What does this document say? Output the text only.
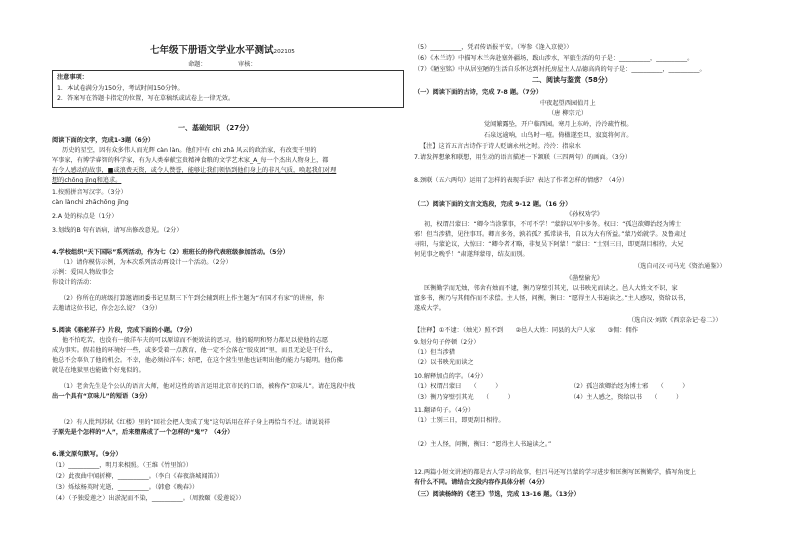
七年级下册语文学业水平测试202105
命题：	审核：
注意事项：
1．本试卷满分为150分，考试时间150分钟。
2．答案写在答题卡指定的位置，写在草稿纸或试卷上一律无效。
一、基础知识 （27分）
阅读下面的文字，完成1-3题（6分）
历史的星空，因有众多伟人而光辉 càn làn。他们中有 chì zhā 风云的政治家，有改变千里的
军事家，有博学睿智的科学家，有为人类奉献宝贵精神食粮的文学艺术家_A_每一个杰出人物身上，都
有令人感动的故事，■或浪费天资，或令人赞誉，能够让我们领悟到他们身上的非凡气质，唤起我们对理
想的chōng jǐng和追求。
1.按照拼音写汉字。（3分）
càn lànchì zhāchōng jǐng
2.A 处的标点是（1分）
3.划线的B 句有语病，请写出修改意见。（2分）
4.学校组织“天下国际”系列活动，作为七（2）班班长的你代表班级参加活动。（5分）
（1）请你模仿示例，为本次系列活动再设计一个活动。（2分）
示例：爱国人物故事会
你设计的活动：
（2）你所在的班级打算邀请团委书记星期三下午到会辅到班上作主题为“有国才有家”的讲座，你
去邀请这位书记，你会怎么说？（3分）
5.阅读《骆驼祥子》片段，完成下面的小题。（7分）
他不怕吃苦，也没有一般洋车夫的可以原谅而不便效法的恶习，他的聪明和努力都足以使他的志愿
成为事实。假若他的环境好一些，或多受着一点教育，他一定不会落在“胶皮团”里，而且无论是干什么，
他总不会辜负了他的机会。不幸，他必须拉洋车；好吧，在这个营生里他也证明出他的能力与聪明。他仿佛
就是在地狱里也能做个好鬼似的。
（1）老舍先生是个公认的语言大师，他对这性的语言运用北京市民的口语，被称作“京味儿”。请在选段中找
出一个具有“京味儿”的短语（3分）
（2）有人批判苏轼《红楼》里的“回社会把人变成了鬼”这句话用在祥子身上再恰当不过。请说说祥
子原先是个怎样的“人”，后来堕落成了一个怎样的“鬼”？（4分）
6.课文原句默写。（9分）
（1）__________，明月来相照。（王维《竹里馆》）
（2）此夜曲中闻折柳，__________。（李白《春夜洛城闻笛》）
（3）烁炫杨英时光逝，__________。（韩愈《晚春》）
（4）（予独爱莲之）出淤泥而不染，__________。（周敦颐《爱莲说》）
（5）__________，凭君传语报平安。（岑参《逢入京使》）
（6）《木兰诗》中描写木兰奔赴塞外疆场，跋山涉水，军旅生活的句子是：__________，__________。
（7）《陋室铭》中从居室陋的生活自乐怀达到衬托房屋主人品德高尚的句子是：__________，__________。
二、阅读与鉴赏（58分）
（一）阅读下面的古诗，完成 7-8 题。（7分）
中夜起望西园值月上
（唐 柳宗元）
觉闻繁露坠，开户临西园。寒月上东岭，泠泠疏竹根。
石泉远逾响，山鸟时一喧。倚楹遂至旦，寂寞将何言。
【注】这首五言古诗作于诗人贬谪永州之时。泠泠：指泉水
7.请发挥想象和联想，用生动的语言描述一下颔联（三四两句）的画面。（3分）
8.颈联（五六两句）运用了怎样的表现手法？表达了作者怎样的情感？（4分）
（二）阅读下面的文言文选段，完成 9-12 题。（16 分）
《孙权劝学》
初，权谓吕蒙曰：“卿今当涂掌事，不可不学！”蒙辞以军中多务。权曰：“孤岂欲卿治经为博士
邪！但当涉猎，见往事耳。卿言多务，孰若孤？孤常读书，自以为大有所益。”蒙乃始就学。及鲁肃过
寻阳，与蒙论议，大惊曰：“卿今者才略，非复吴下阿蒙！”蒙曰：“士别三日，即更刮目相待，大兄
何见事之晚乎！”肃遂拜蒙母，结友而别。
（选自司汉·司马光《资治通鉴》）
《凿壁偷光》
匡衡勤学而无烛，邻舍有烛而不逮，衡乃穿壁引其光，以书映光而读之。邑人大姓文不识，家
富多书，衡乃与其佣作而不求偿。主人怪，问衡，衡曰：“愿得主人书遍读之。”主人感叹，资给以书，
遂成大学。
（选自汉·刘歆《西京杂记·卷二》）
【注释】①不逮：（烛光）照不到　　②邑人大姓：同县的大户人家　　③佣：佣作
9.划分句子停顿（2分）
（1）但当涉猎
（2）以书映光而读之
10.解释加点的字。（4分）
（1）权谓吕蒙曰　　（　　　）	（2）孤岂欲卿治经为博士邪　　（　　　）
（3）衡乃穿壁引其光　　（　　　）	（4）主人感之，资给以书　　（　　　）
11.翻译句子。（4分）
（1）士别三日，即更刮目相待。
（2）主人怪，问衡，衡曰：“愿得主人书遍读之。”
12.两篇小短文讲述的都是古人学习的故事，但吕马还写吕蒙的学习进步和匡衡写匡衡勤学，描写角度上
有什么不同。请结合文段内容作具体分析（4分）
（三）阅读杨绛的《老王》节选，完成 13-16 题。（13分）
